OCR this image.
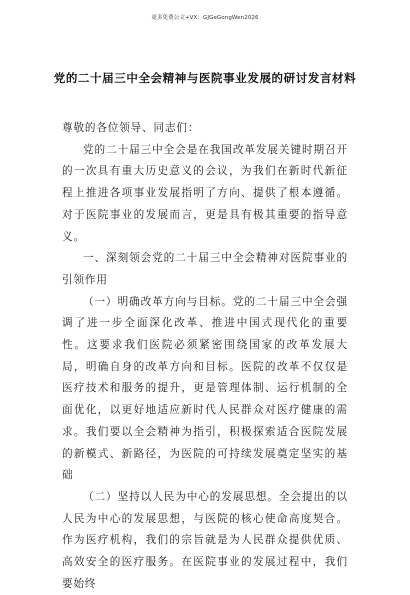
更多免费公文+VX：GJGeGongWen2026
党的二十届三中全会精神与医院事业发展的研讨发言材料

尊敬的各位领导、同志们：

党的二十届三中全会是在我国改革发展关键时期召开的一次具有重大历史意义的会议，为我们在新时代新征程上推进各项事业发展指明了方向、提供了根本遵循。对于医院事业的发展而言，更是具有极其重要的指导意义。

一、深刻领会党的二十届三中全会精神对医院事业的引领作用

（一）明确改革方向与目标。党的二十届三中全会强调了进一步全面深化改革、推进中国式现代化的重要性。这要求我们医院必须紧密围绕国家的改革发展大局，明确自身的改革方向和目标。医院的改革不仅仅是医疗技术和服务的提升，更是管理体制、运行机制的全面优化，以更好地适应新时代人民群众对医疗健康的需求。我们要以全会精神为指引，积极探索适合医院发展的新模式、新路径，为医院的可持续发展奠定坚实的基础

（二）坚持以人民为中心的发展思想。全会提出的以人民为中心的发展思想，与医院的核心使命高度契合。作为医疗机构，我们的宗旨就是为人民群众提供优质、高效安全的医疗服务。在医院事业的发展过程中，我们要始终
